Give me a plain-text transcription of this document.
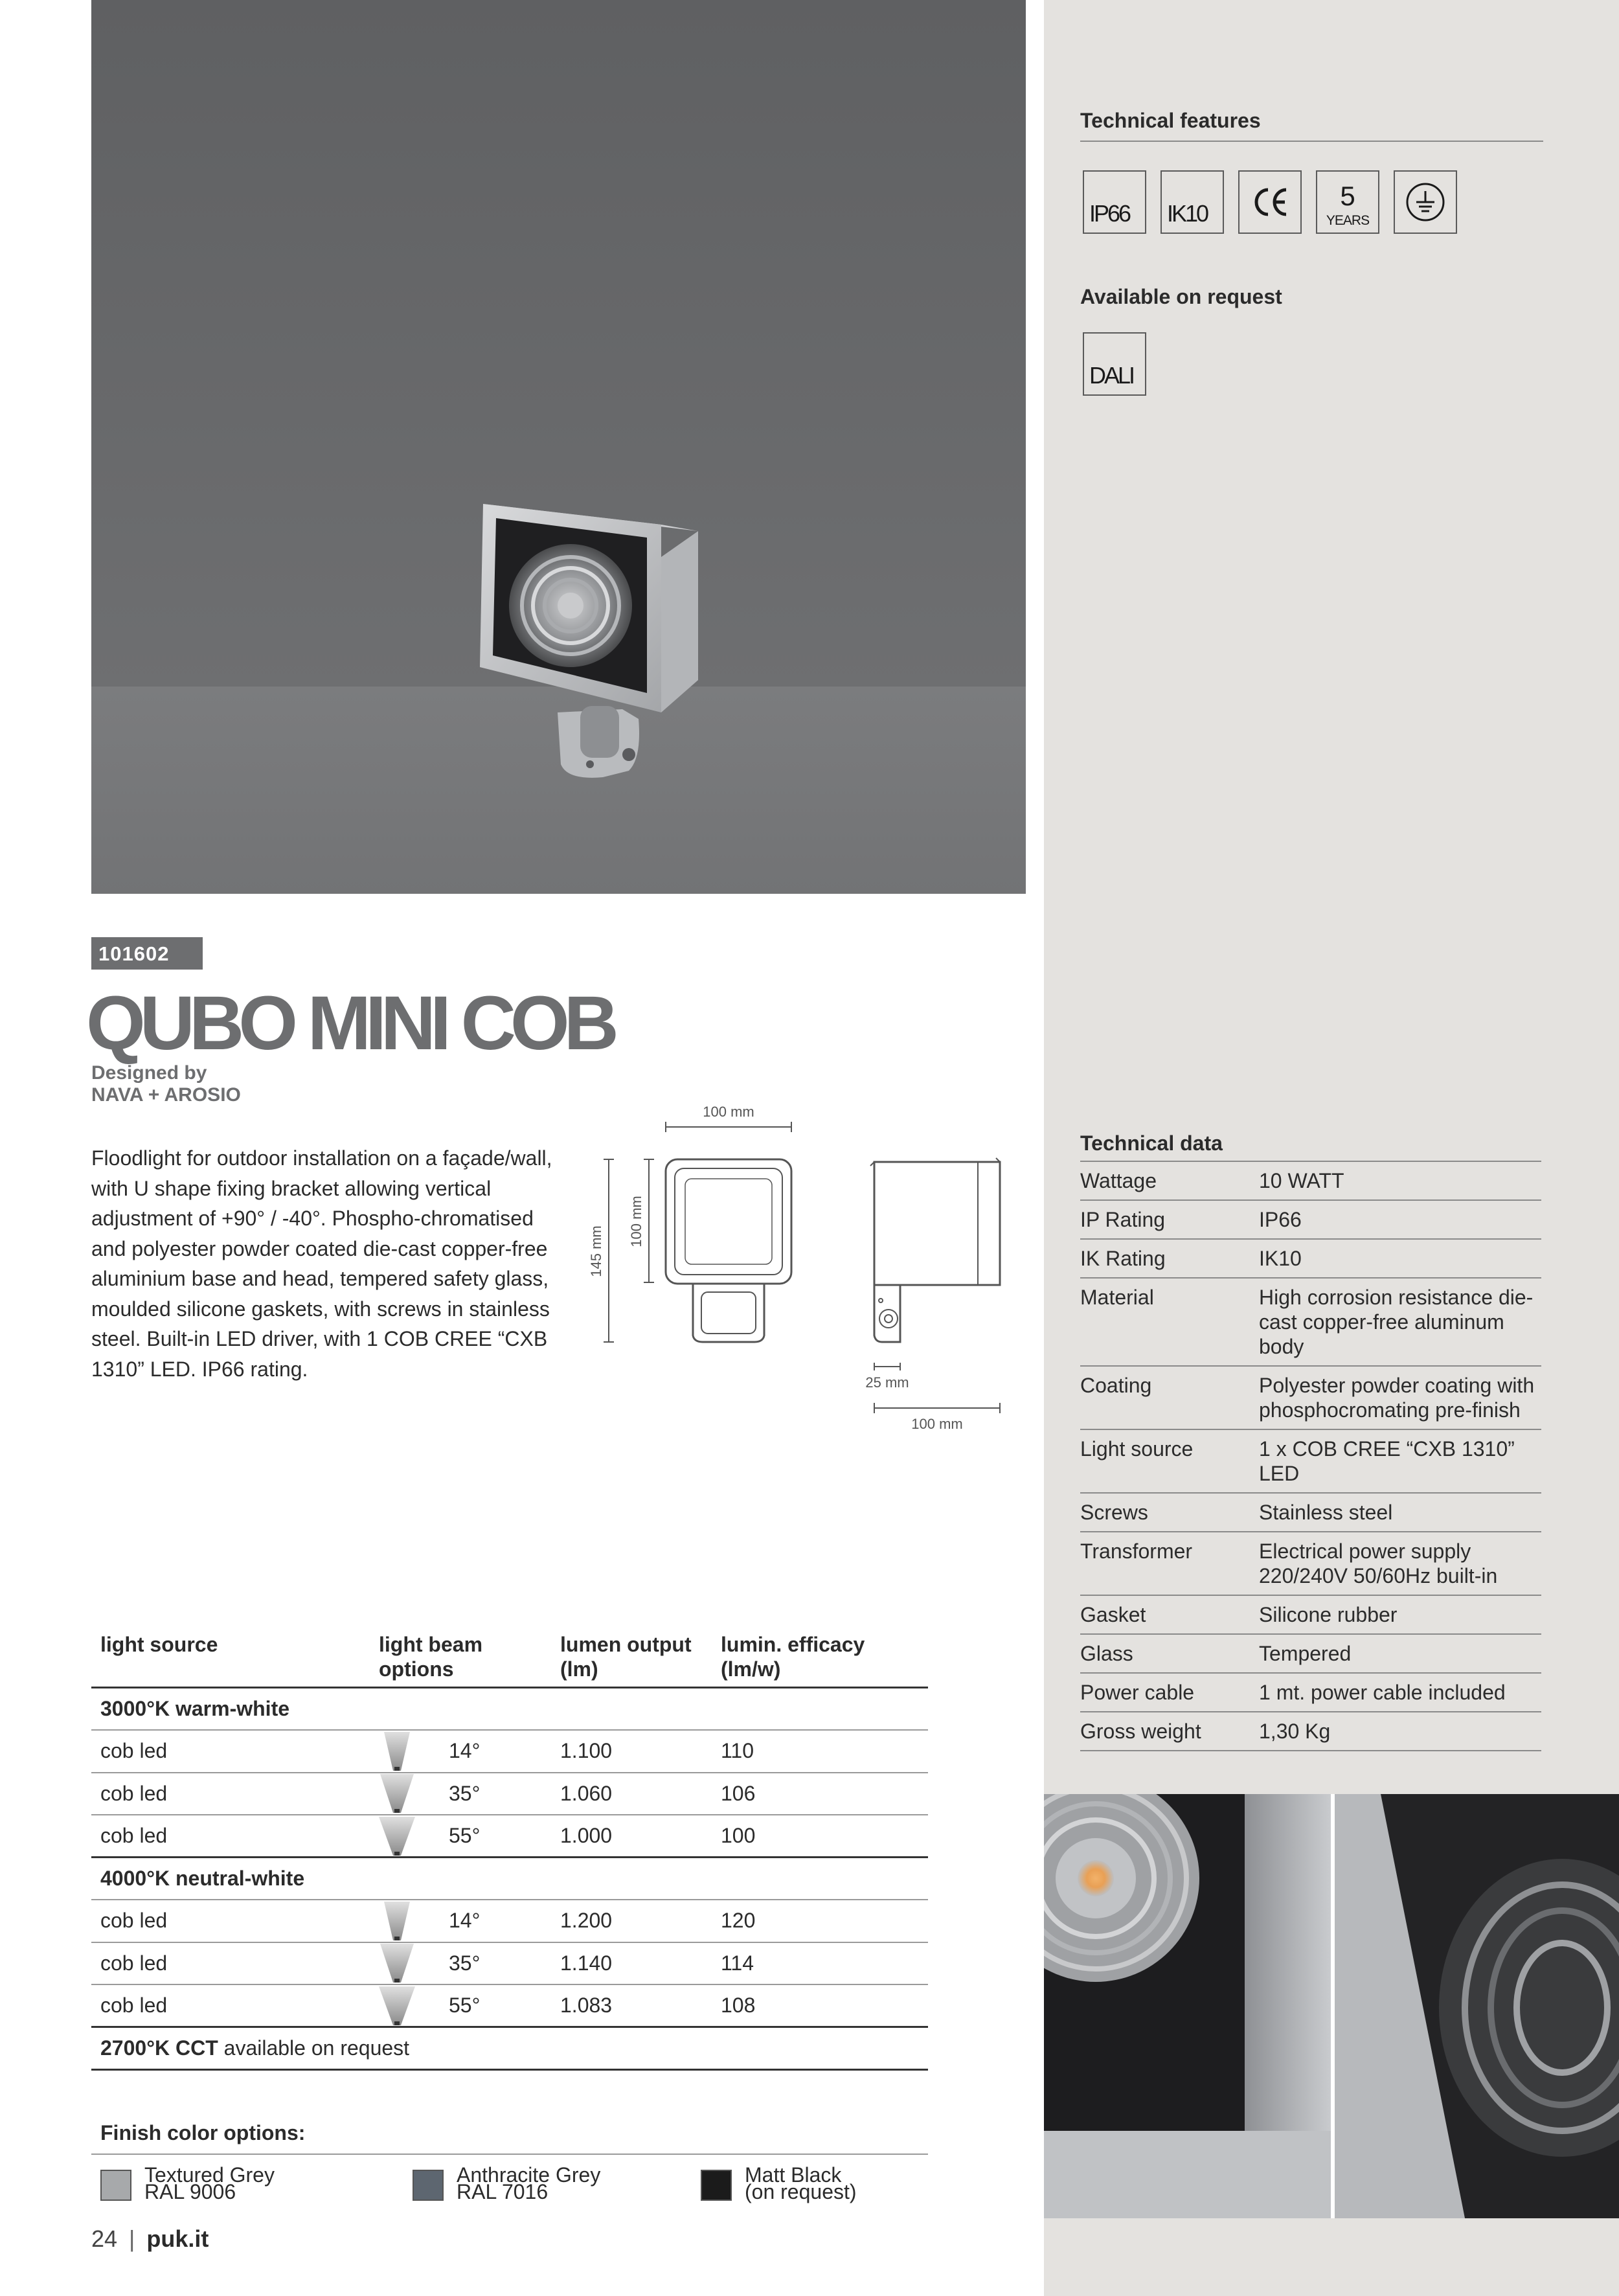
101602
QUBO MINI COB
Designed by
NAVA + AROSIO
Floodlight for outdoor installation on a façade/wall, with U shape fixing bracket allowing vertical adjustment of +90° / -40°. Phospho-chromatised and polyester powder coated die-cast copper-free aluminium base and head, tempered safety glass, moulded silicone gaskets, with screws in stainless steel. Built-in LED driver, with 1 COB CREE “CXB 1310” LED. IP66 rating.
100 mm
145 mm
100 mm
25 mm
100 mm
light source	light beam options	lumen output (lm)	lumin. efficacy (lm/w)
3000°K warm-white			
cob led	14°	1.100	110
cob led	35°	1.060	106
cob led	55°	1.000	100
4000°K neutral-white			
cob led	14°	1.200	120
cob led	35°	1.140	114
cob led	55°	1.083	108
2700°K CCT available on request			
Finish color options:
Textured Grey
RAL 9006
Anthracite Grey
RAL 7016
Matt Black
(on request)
24 | puk.it
Technical features
IP66 IK10
5
YEARS
Available on request
DALI
Technical data	
Wattage	10 WATT
IP Rating	IP66
IK Rating	IK10
Material	High corrosion resistance die-cast copper-free aluminum body
Coating	Polyester powder coating with phosphocromating pre-finish
Light source	1 x COB CREE “CXB 1310” LED
Screws	Stainless steel
Transformer	Electrical power supply 220/240V 50/60Hz built-in
Gasket	Silicone rubber
Glass	Tempered
Power cable	1 mt. power cable included
Gross weight	1,30 Kg
